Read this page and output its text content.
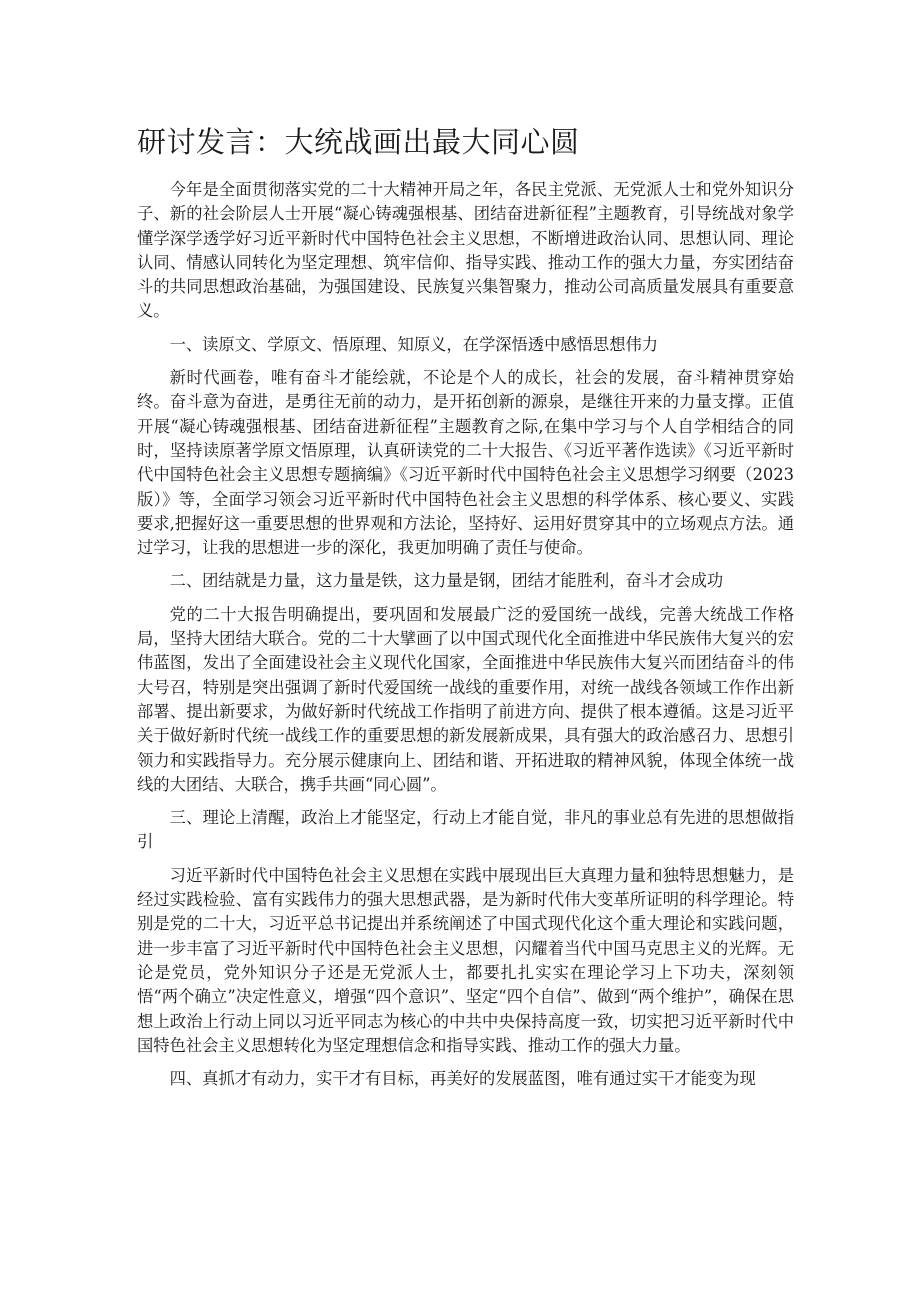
研讨发言：大统战画出最大同心圆

今年是全面贯彻落实党的二十大精神开局之年，各民主党派、无党派人士和党外知识分子、新的社会阶层人士开展“凝心铸魂强根基、团结奋进新征程”主题教育，引导统战对象学懂学深学透学好习近平新时代中国特色社会主义思想，不断增进政治认同、思想认同、理论认同、情感认同转化为坚定理想、筑牢信仰、指导实践、推动工作的强大力量，夯实团结奋斗的共同思想政治基础，为强国建设、民族复兴集智聚力，推动公司高质量发展具有重要意义。

一、读原文、学原文、悟原理、知原义，在学深悟透中感悟思想伟力

新时代画卷，唯有奋斗才能绘就，不论是个人的成长，社会的发展，奋斗精神贯穿始终。奋斗意为奋进，是勇往无前的动力，是开拓创新的源泉，是继往开来的力量支撑。正值开展“凝心铸魂强根基、团结奋进新征程”主题教育之际,在集中学习与个人自学相结合的同时，坚持读原著学原文悟原理，认真研读党的二十大报告、《习近平著作选读》《习近平新时代中国特色社会主义思想专题摘编》《习近平新时代中国特色社会主义思想学习纲要（2023版）》等，全面学习领会习近平新时代中国特色社会主义思想的科学体系、核心要义、实践要求,把握好这一重要思想的世界观和方法论，坚持好、运用好贯穿其中的立场观点方法。通过学习，让我的思想进一步的深化，我更加明确了责任与使命。

二、团结就是力量，这力量是铁，这力量是钢，团结才能胜利，奋斗才会成功

党的二十大报告明确提出，要巩固和发展最广泛的爱国统一战线，完善大统战工作格局，坚持大团结大联合。党的二十大擘画了以中国式现代化全面推进中华民族伟大复兴的宏伟蓝图，发出了全面建设社会主义现代化国家，全面推进中华民族伟大复兴而团结奋斗的伟大号召，特别是突出强调了新时代爱国统一战线的重要作用，对统一战线各领域工作作出新部署、提出新要求，为做好新时代统战工作指明了前进方向、提供了根本遵循。这是习近平关于做好新时代统一战线工作的重要思想的新发展新成果，具有强大的政治感召力、思想引领力和实践指导力。充分展示健康向上、团结和谐、开拓进取的精神风貌，体现全体统一战线的大团结、大联合，携手共画“同心圆”。

三、理论上清醒，政治上才能坚定，行动上才能自觉，非凡的事业总有先进的思想做指引

习近平新时代中国特色社会主义思想在实践中展现出巨大真理力量和独特思想魅力，是经过实践检验、富有实践伟力的强大思想武器，是为新时代伟大变革所证明的科学理论。特别是党的二十大，习近平总书记提出并系统阐述了中国式现代化这个重大理论和实践问题，进一步丰富了习近平新时代中国特色社会主义思想，闪耀着当代中国马克思主义的光辉。无论是党员，党外知识分子还是无党派人士，都要扎扎实实在理论学习上下功夫，深刻领悟“两个确立”决定性意义，增强“四个意识”、坚定“四个自信”、做到“两个维护”，确保在思想上政治上行动上同以习近平同志为核心的中共中央保持高度一致，切实把习近平新时代中国特色社会主义思想转化为坚定理想信念和指导实践、推动工作的强大力量。

四、真抓才有动力，实干才有目标，再美好的发展蓝图，唯有通过实干才能变为现
